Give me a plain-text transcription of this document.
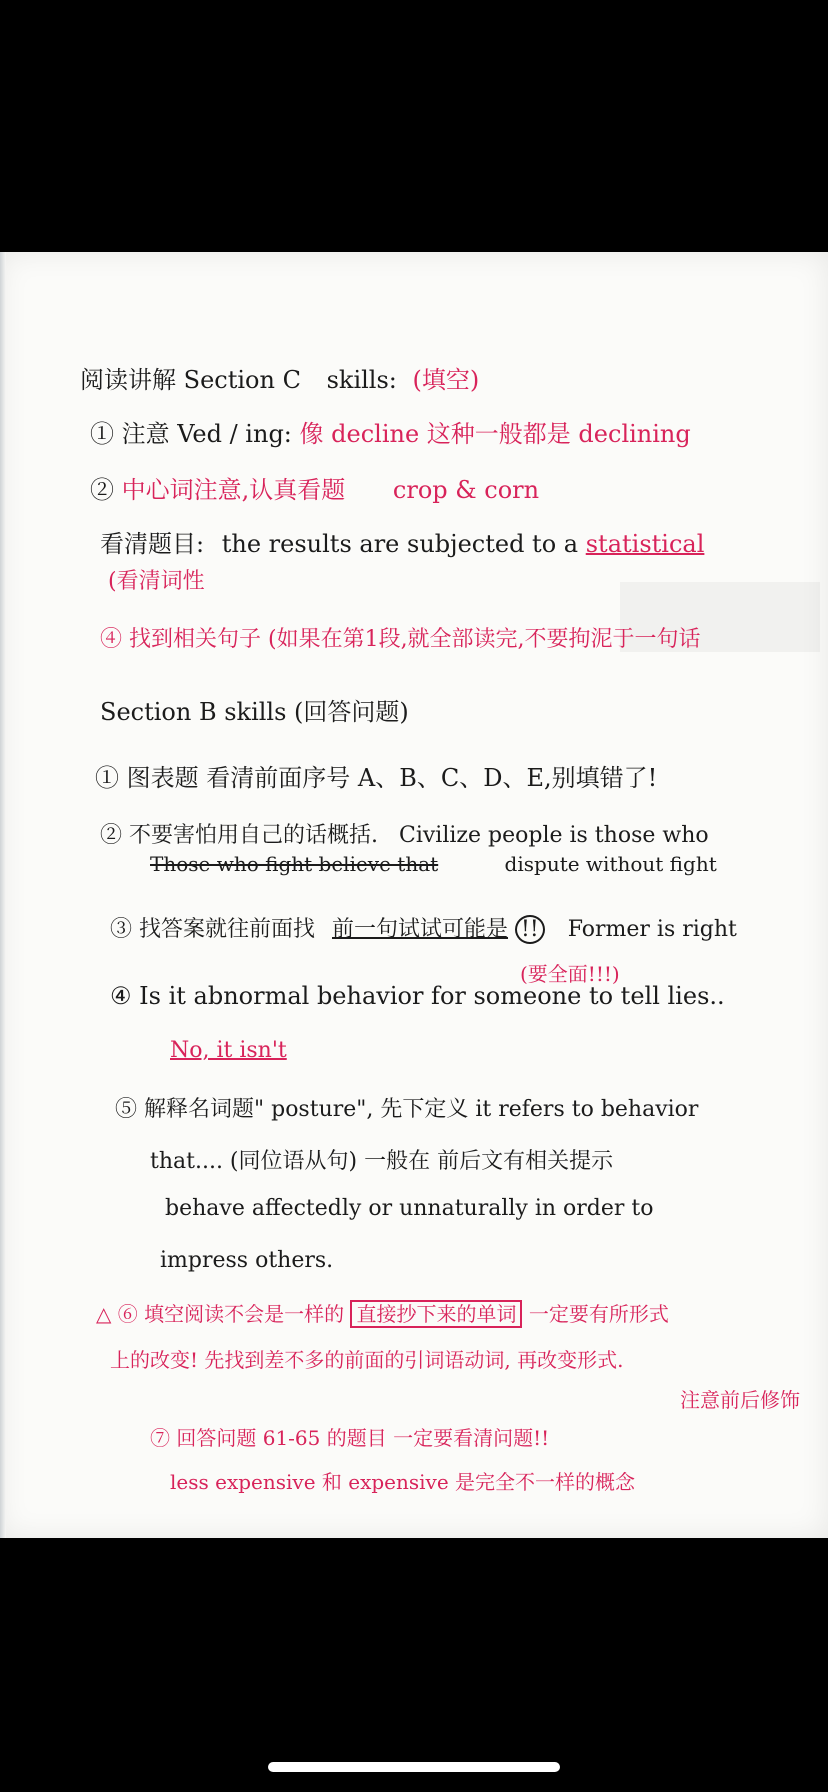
阅读讲解 Section C skills: (填空)
① 注意 Ved / ing: 像 decline 这种一般都是 declining
② 中心词注意,认真看题 crop & corn
看清题目: the results are subjected to a statistical
(看清词性
④ 找到相关句子 (如果在第1段,就全部读完,不要拘泥于一句话
Section B skills (回答问题)
① 图表题 看清前面序号 A、B、C、D、E,别填错了!
② 不要害怕用自己的话概括. Civilize people is those who
Those who fight believe that	dispute without fight
③ 找答案就往前面找 前一句试试可能是 !! Former is right
(要全面!!!)
④ Is it abnormal behavior for someone to tell lies..
No, it isn't
⑤ 解释名词题" posture", 先下定义 it refers to behavior
that.... (同位语从句) 一般在 前后文有相关提示
behave affectedly or unnaturally in order to
impress others.
△ ⑥ 填空阅读不会是一样的 直接抄下来的单词 一定要有所形式
上的改变! 先找到差不多的前面的引词语动词, 再改变形式.
注意前后修饰
⑦ 回答问题 61-65 的题目 一定要看清问题!!
less expensive 和 expensive 是完全不一样的概念
